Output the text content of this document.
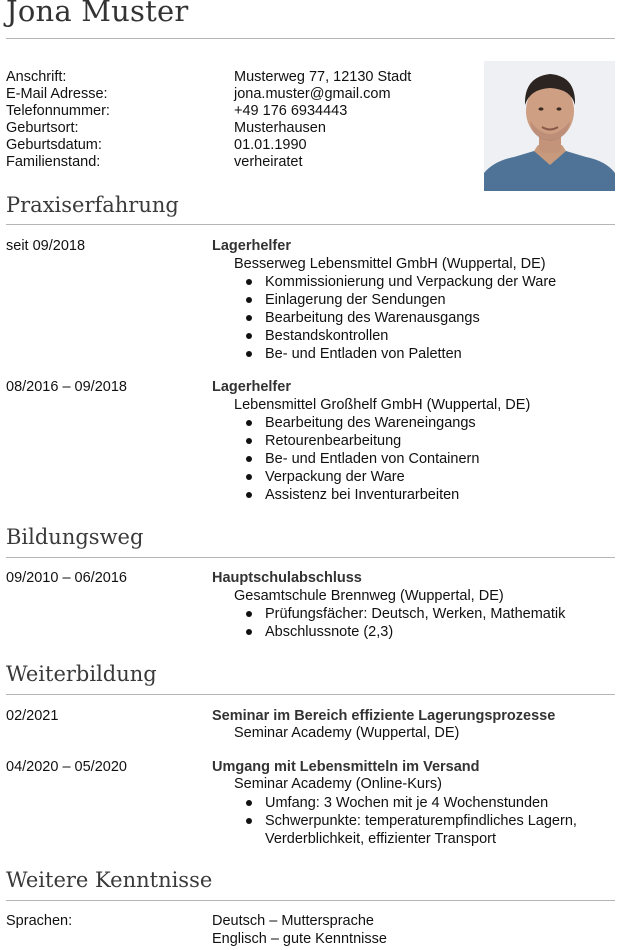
Jona Muster
Anschrift:	Musterweg 77, 12130 Stadt
E-Mail Adresse:	jona.muster@gmail.com
Telefonnummer:	+49 176 6934443
Geburtsort:	Musterhausen
Geburtsdatum:	01.01.1990
Familienstand:	verheiratet
Praxiserfahrung
seit 09/2018	Lagerhelfer
Besserweg Lebensmittel GmbH (Wuppertal, DE)
Kommissionierung und Verpackung der Ware
Einlagerung der Sendungen
Bearbeitung des Warenausgangs
Bestandskontrollen
Be- und Entladen von Paletten
08/2016 – 09/2018	Lagerhelfer
Lebensmittel Großhelf GmbH (Wuppertal, DE)
Bearbeitung des Wareneingangs
Retourenbearbeitung
Be- und Entladen von Containern
Verpackung der Ware
Assistenz bei Inventurarbeiten
Bildungsweg
09/2010 – 06/2016	Hauptschulabschluss
Gesamtschule Brennweg (Wuppertal, DE)
Prüfungsfächer: Deutsch, Werken, Mathematik
Abschlussnote (2,3)
Weiterbildung
02/2021	Seminar im Bereich effiziente Lagerungsprozesse
Seminar Academy (Wuppertal, DE)
04/2020 – 05/2020	Umgang mit Lebensmitteln im Versand
Seminar Academy (Online-Kurs)
Umfang: 3 Wochen mit je 4 Wochenstunden
Schwerpunkte: temperaturempfindliches Lagern, Verderblichkeit, effizienter Transport
Weitere Kenntnisse
Sprachen:	Deutsch – Muttersprache
Englisch – gute Kenntnisse
